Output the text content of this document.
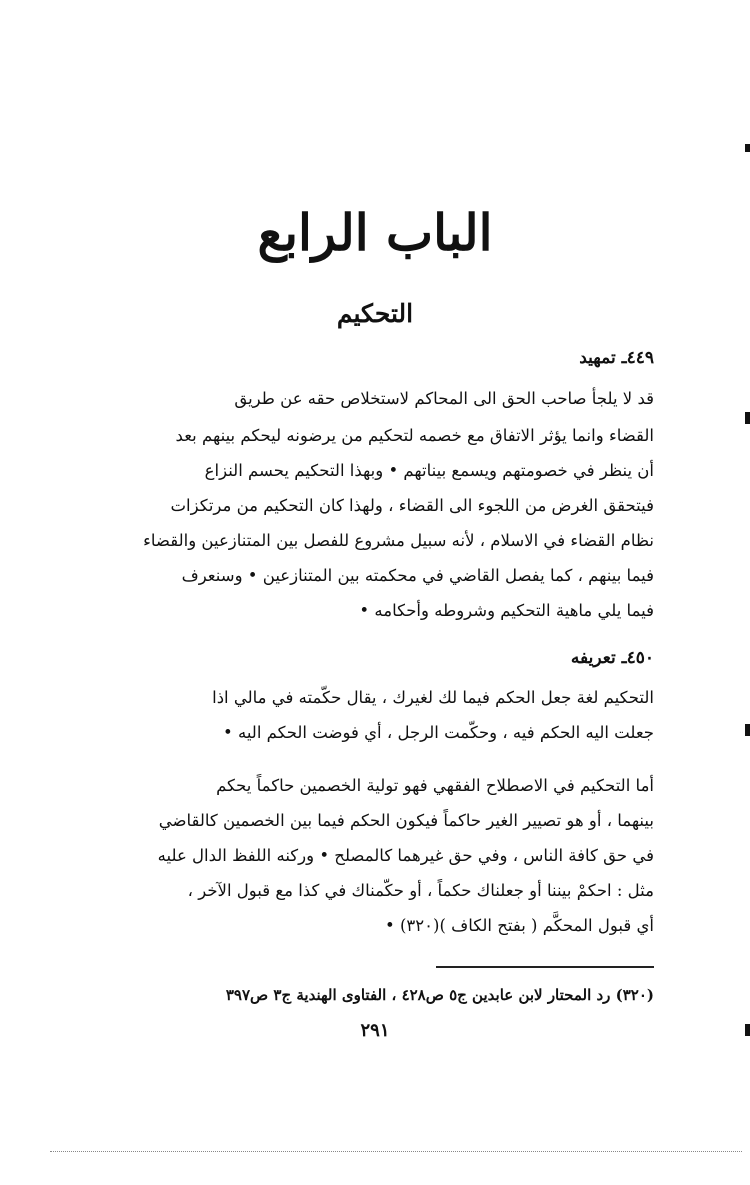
الباب الرابع
التحكيم
٤٤٩ـ تمهيد
قد لا يلجأ صاحب الحق الى المحاكم لاستخلاص حقه عن طريق
القضاء وانما يؤثر الاتفاق مع خصمه لتحكيم من يرضونه ليحكم بينهم بعد
أن ينظر في خصومتهم ويسمع بيناتهم • وبهذا التحكيم يحسم النزاع
فيتحقق الغرض من اللجوء الى القضاء ، ولهذا كان التحكيم من مرتكزات
نظام القضاء في الاسلام ، لأنه سبيل مشروع للفصل بين المتنازعين والقضاء
فيما بينهم ، كما يفصل القاضي في محكمته بين المتنازعين • وسنعرف
فيما يلي ماهية التحكيم وشروطه وأحكامه •
٤٥٠ـ تعريفه
التحكيم لغة جعل الحكم فيما لك لغيرك ، يقال حكّمته في مالي اذا
جعلت اليه الحكم فيه ، وحكّمت الرجل ، أي فوضت الحكم اليه •
أما التحكيم في الاصطلاح الفقهي فهو تولية الخصمين حاكماً يحكم
بينهما ، أو هو تصيير الغير حاكماً فيكون الحكم فيما بين الخصمين كالقاضي
في حق كافة الناس ، وفي حق غيرهما كالمصلح • وركنه اللفظ الدال عليه
مثل : احكمْ بيننا أو جعلناك حكماً ، أو حكّمناك في كذا مع قبول الآخر ،
أي قبول المحكَّم ( بفتح الكاف )(٣٢٠) •
(٣٢٠) رد المحتار لابن عابدين ج٥ ص٤٢٨ ، الفتاوى الهندية ج٣ ص٣٩٧
٢٩١
